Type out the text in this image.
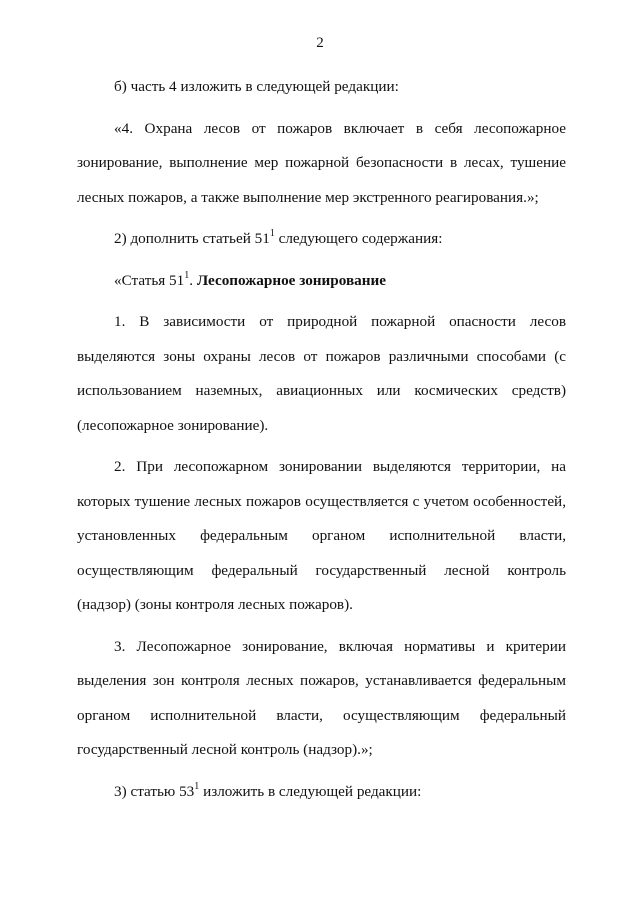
2

б) часть 4 изложить в следующей редакции:

«4. Охрана лесов от пожаров включает в себя лесопожарное зонирование, выполнение мер пожарной безопасности в лесах, тушение лесных пожаров, а также выполнение мер экстренного реагирования.»;

2) дополнить статьей $51^1$ следующего содержания:

«Статья $51^1$. Лесопожарное зонирование

1. В зависимости от природной пожарной опасности лесов выделяются зоны охраны лесов от пожаров различными способами (с использованием наземных, авиационных или космических средств) (лесопожарное зонирование).

2. При лесопожарном зонировании выделяются территории, на которых тушение лесных пожаров осуществляется с учетом особенностей, установленных федеральным органом исполнительной власти, осуществляющим федеральный государственный лесной контроль (надзор) (зоны контроля лесных пожаров).

3. Лесопожарное зонирование, включая нормативы и критерии выделения зон контроля лесных пожаров, устанавливается федеральным органом исполнительной власти, осуществляющим федеральный государственный лесной контроль (надзор).»;

3) статью $53^1$ изложить в следующей редакции:
